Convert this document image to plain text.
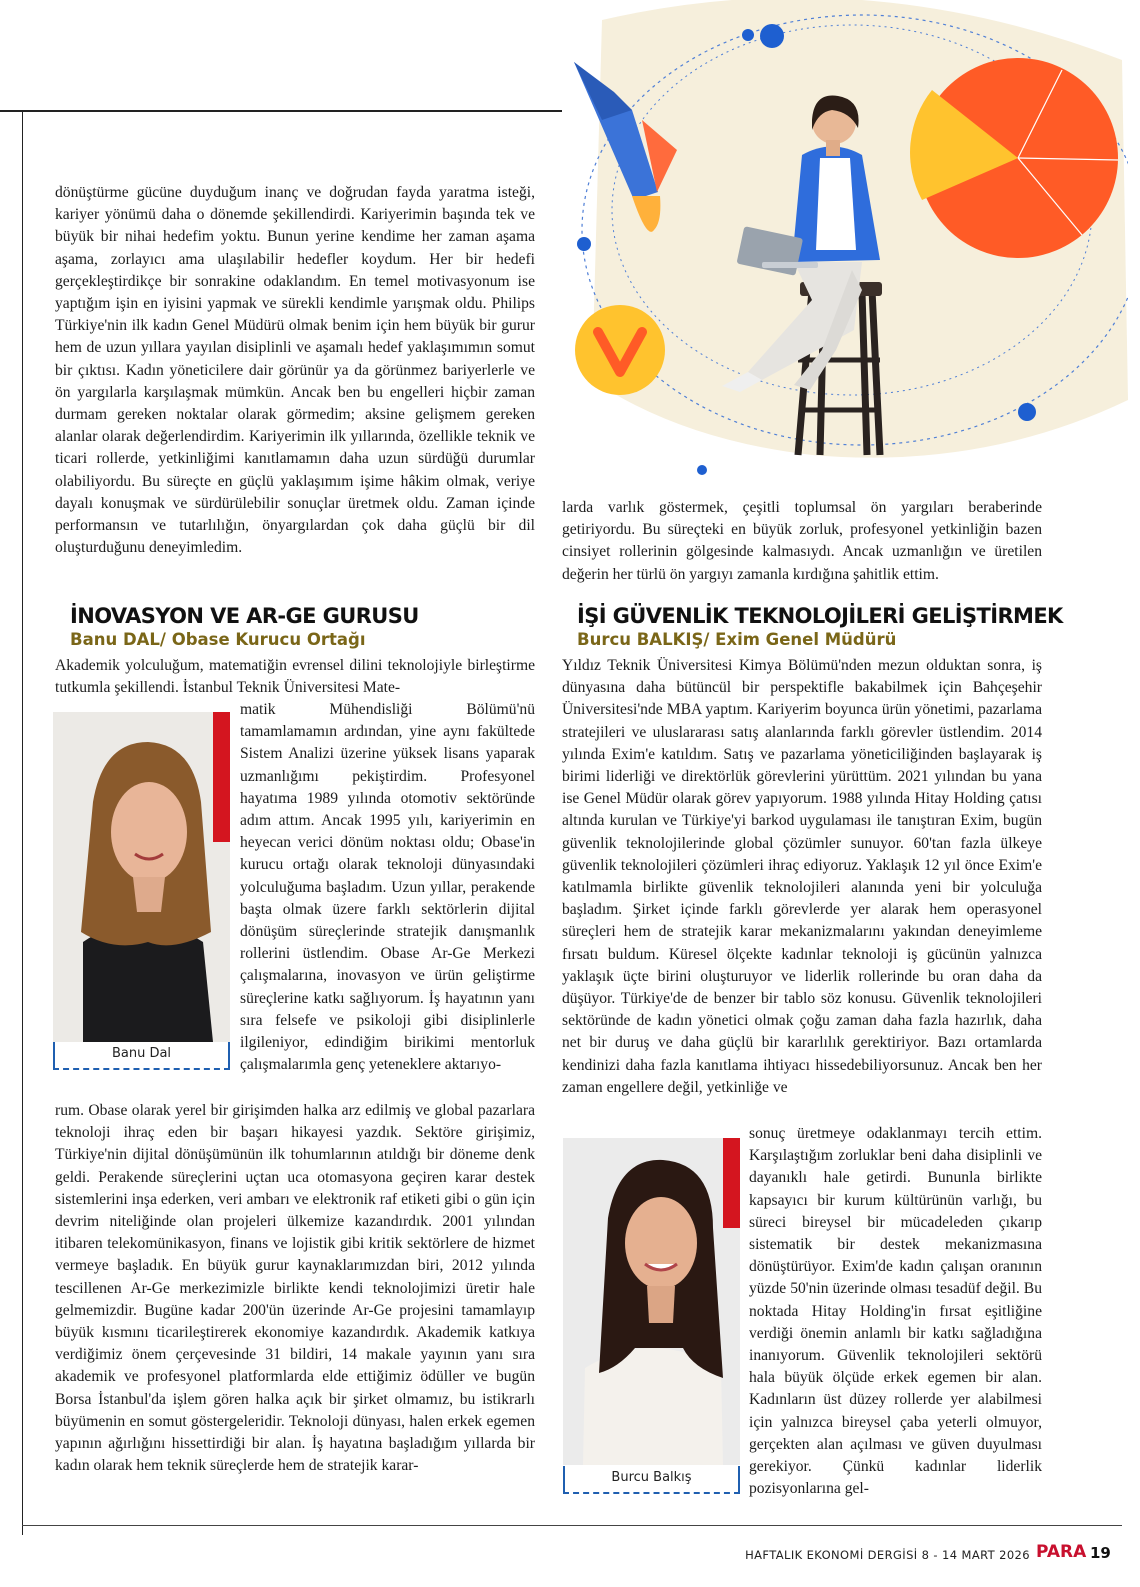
dönüştürme gücüne duyduğum inanç ve doğrudan fayda yaratma isteği, kariyer yönümü daha o dönemde şekillendirdi. Kariyerimin başında tek ve büyük bir nihai hedefim yoktu. Bunun yerine kendime her zaman aşama aşama, zorlayıcı ama ulaşılabilir hedefler koydum. Her bir hedefi gerçekleştirdikçe bir sonrakine odaklandım. En temel motivasyonum ise yaptığım işin en iyisini yapmak ve sürekli kendimle yarışmak oldu. Philips Türkiye'nin ilk kadın Genel Müdürü olmak benim için hem büyük bir gurur hem de uzun yıllara yayılan disiplinli ve aşamalı hedef yaklaşımımın somut bir çıktısı. Kadın yöneticilere dair görünür ya da görünmez bariyerlerle ve ön yargılarla karşılaşmak mümkün. Ancak ben bu engelleri hiçbir zaman durmam gereken noktalar olarak görmedim; aksine gelişmem gereken alanlar olarak değerlendirdim. Kariyerimin ilk yıllarında, özellikle teknik ve ticari rollerde, yetkinliğimi kanıtlamamın daha uzun sürdüğü durumlar olabiliyordu. Bu süreçte en güçlü yaklaşımım işime hâkim olmak, veriye dayalı konuşmak ve sürdürülebilir sonuçlar üretmek oldu. Zaman içinde performansın ve tutarlılığın, önyargılardan çok daha güçlü bir dil oluşturduğunu deneyimledim.

larda varlık göstermek, çeşitli toplumsal ön yargıları beraberinde getiriyordu. Bu süreçteki en büyük zorluk, profesyonel yetkinliğin bazen cinsiyet rollerinin gölgesinde kalmasıydı. Ancak uzmanlığın ve üretilen değerin her türlü ön yargıyı zamanla kırdığına şahitlik ettim.

İNOVASYON VE AR-GE GURUSU
Banu DAL/ Obase Kurucu Ortağı

Akademik yolculuğum, matematiğin evrensel dilini teknolojiyle birleştirme tutkumla şekillendi. İstanbul Teknik Üniversitesi Mate-

Banu Dal

matik Mühendisliği Bölümü'nü tamamlamamın ardından, yine aynı fakültede Sistem Analizi üzerine yüksek lisans yaparak uzmanlığımı pekiştirdim. Profesyonel hayatıma 1989 yılında otomotiv sektöründe adım attım. Ancak 1995 yılı, kariyerimin en heyecan verici dönüm noktası oldu; Obase'in kurucu ortağı olarak teknoloji dünyasındaki yolculuğuma başladım. Uzun yıllar, perakende başta olmak üzere farklı sektörlerin dijital dönüşüm süreçlerinde stratejik danışmanlık rollerini üstlendim. Obase Ar-Ge Merkezi çalışmalarına, inovasyon ve ürün geliştirme süreçlerine katkı sağlıyorum. İş hayatının yanı sıra felsefe ve psikoloji gibi disiplinlerle ilgileniyor, edindiğim birikimi mentorluk çalışmalarımla genç yeteneklere aktarıyo-

rum. Obase olarak yerel bir girişimden halka arz edilmiş ve global pazarlara teknoloji ihraç eden bir başarı hikayesi yazdık. Sektöre girişimiz, Türkiye'nin dijital dönüşümünün ilk tohumlarının atıldığı bir döneme denk geldi. Perakende süreçlerini uçtan uca otomasyona geçiren karar destek sistemlerini inşa ederken, veri ambarı ve elektronik raf etiketi gibi o gün için devrim niteliğinde olan projeleri ülkemize kazandırdık. 2001 yılından itibaren telekomünikasyon, finans ve lojistik gibi kritik sektörlere de hizmet vermeye başladık. En büyük gurur kaynaklarımızdan biri, 2012 yılında tescillenen Ar-Ge merkezimizle birlikte kendi teknolojimizi üretir hale gelmemizdir. Bugüne kadar 200'ün üzerinde Ar-Ge projesini tamamlayıp büyük kısmını ticarileştirerek ekonomiye kazandırdık. Akademik katkıya verdiğimiz önem çerçevesinde 31 bildiri, 14 makale yayının yanı sıra akademik ve profesyonel platformlarda elde ettiğimiz ödüller ve bugün Borsa İstanbul'da işlem gören halka açık bir şirket olmamız, bu istikrarlı büyümenin en somut göstergeleridir. Teknoloji dünyası, halen erkek egemen yapının ağırlığını hissettirdiği bir alan. İş hayatına başladığım yıllarda bir kadın olarak hem teknik süreçlerde hem de stratejik karar-

İŞİ GÜVENLİK TEKNOLOJİLERİ GELİŞTİRMEK
Burcu BALKIŞ/ Exim Genel Müdürü

Yıldız Teknik Üniversitesi Kimya Bölümü'nden mezun olduktan sonra, iş dünyasına daha bütüncül bir perspektifle bakabilmek için Bahçeşehir Üniversitesi'nde MBA yaptım. Kariyerim boyunca ürün yönetimi, pazarlama stratejileri ve uluslararası satış alanlarında farklı görevler üstlendim. 2014 yılında Exim'e katıldım. Satış ve pazarlama yöneticiliğinden başlayarak iş birimi liderliği ve direktörlük görevlerini yürüttüm. 2021 yılından bu yana ise Genel Müdür olarak görev yapıyorum. 1988 yılında Hitay Holding çatısı altında kurulan ve Türkiye'yi barkod uygulaması ile tanıştıran Exim, bugün güvenlik teknolojilerinde global çözümler sunuyor. 60'tan fazla ülkeye güvenlik teknolojileri çözümleri ihraç ediyoruz. Yaklaşık 12 yıl önce Exim'e katılmamla birlikte güvenlik teknolojileri alanında yeni bir yolculuğa başladım. Şirket içinde farklı görevlerde yer alarak hem operasyonel süreçleri hem de stratejik karar mekanizmalarını yakından deneyimleme fırsatı buldum. Küresel ölçekte kadınlar teknoloji iş gücünün yalnızca yaklaşık üçte birini oluşturuyor ve liderlik rollerinde bu oran daha da düşüyor. Türkiye'de de benzer bir tablo söz konusu. Güvenlik teknolojileri sektöründe de kadın yönetici olmak çoğu zaman daha fazla hazırlık, daha net bir duruş ve daha güçlü bir kararlılık gerektiriyor. Bazı ortamlarda kendinizi daha fazla kanıtlama ihtiyacı hissedebiliyorsunuz. Ancak ben her zaman engellere değil, yetkinliğe ve

Burcu Balkış

sonuç üretmeye odaklanmayı tercih ettim. Karşılaştığım zorluklar beni daha disiplinli ve dayanıklı hale getirdi. Bununla birlikte kapsayıcı bir kurum kültürünün varlığı, bu süreci bireysel bir mücadeleden çıkarıp sistematik bir destek mekanizmasına dönüştürüyor. Exim'de kadın çalışan oranının yüzde 50'nin üzerinde olması tesadüf değil. Bu noktada Hitay Holding'in fırsat eşitliğine verdiği önemin anlamlı bir katkı sağladığına inanıyorum. Güvenlik teknolojileri sektörü hala büyük ölçüde erkek egemen bir alan. Kadınların üst düzey rollerde yer alabilmesi için yalnızca bireysel çaba yeterli olmuyor, gerçekten alan açılması ve güven duyulması gerekiyor. Çünkü kadınlar liderlik pozisyonlarına gel-

HAFTALIK EKONOMİ DERGİSİ 8 - 14 MART 2026 PARA 19
